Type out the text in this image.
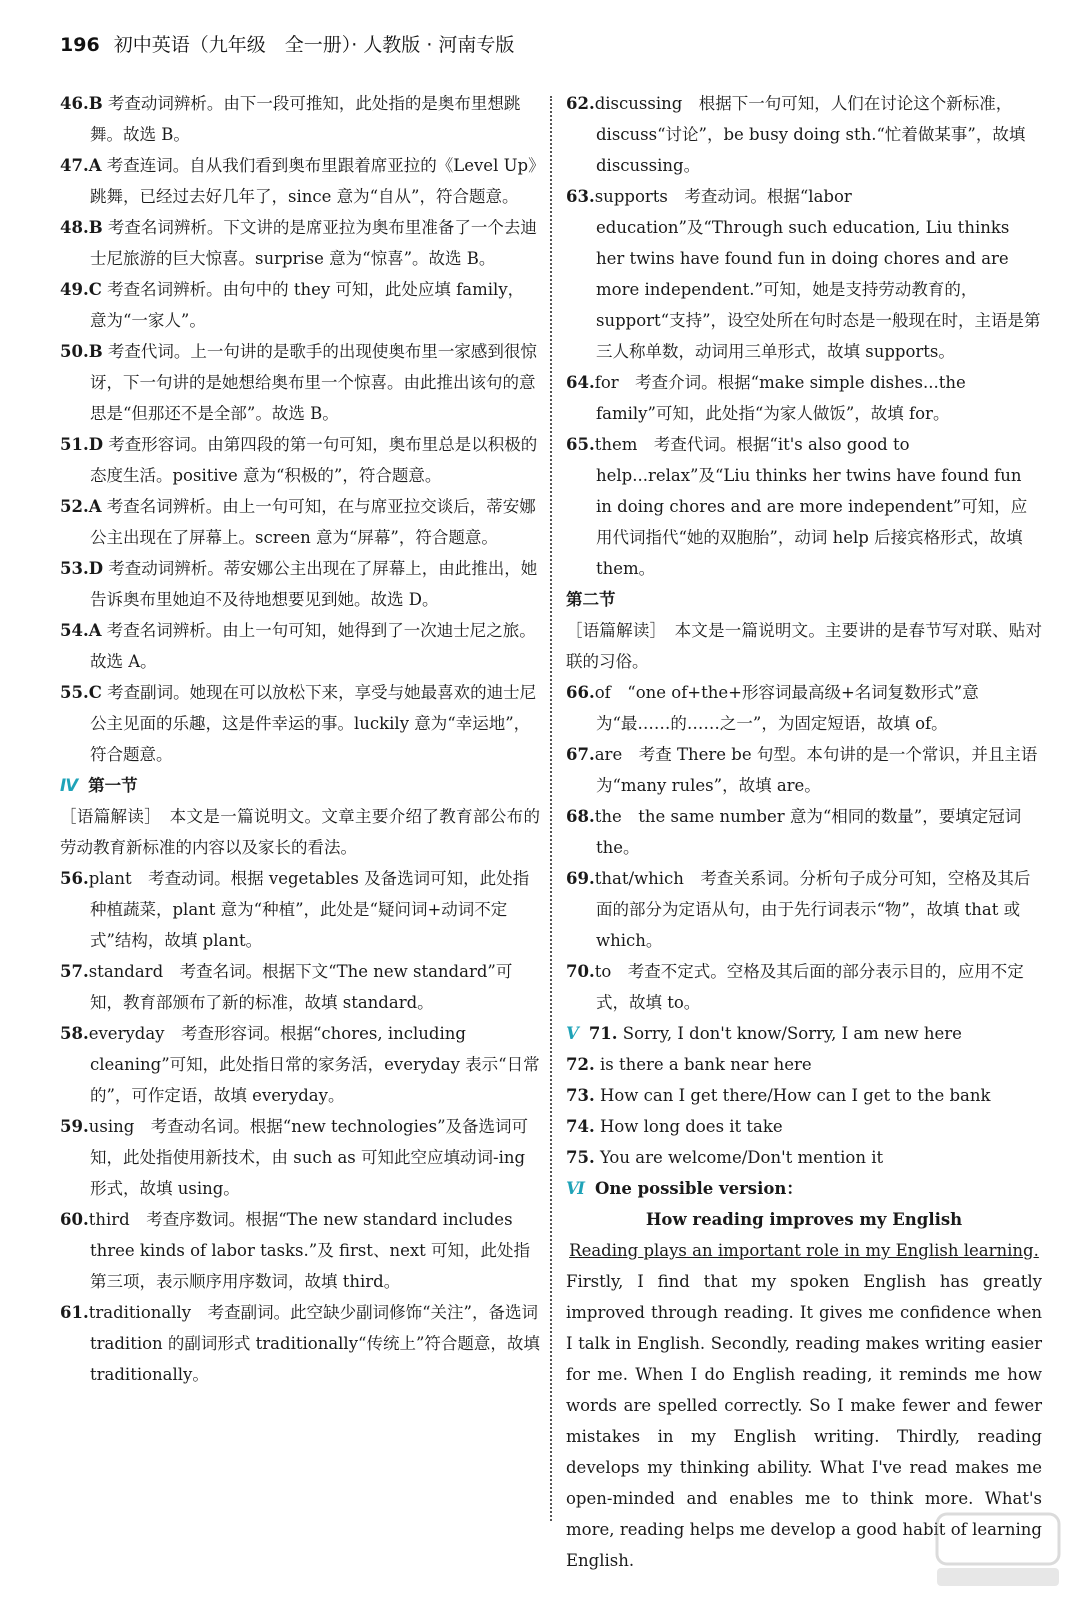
196 初中英语（九年级　全一册）· 人教版 · 河南专版

46.B 考查动词辨析。由下一段可推知，此处指的是奥布里想跳舞。故选 B。

47.A 考查连词。自从我们看到奥布里跟着席亚拉的《Level Up》跳舞，已经过去好几年了，since 意为“自从”，符合题意。

48.B 考查名词辨析。下文讲的是席亚拉为奥布里准备了一个去迪士尼旅游的巨大惊喜。surprise 意为“惊喜”。故选 B。

49.C 考查名词辨析。由句中的 they 可知，此处应填 family，意为“一家人”。

50.B 考查代词。上一句讲的是歌手的出现使奥布里一家感到很惊讶，下一句讲的是她想给奥布里一个惊喜。由此推出该句的意思是“但那还不是全部”。故选 B。

51.D 考查形容词。由第四段的第一句可知，奥布里总是以积极的态度生活。positive 意为“积极的”，符合题意。

52.A 考查名词辨析。由上一句可知，在与席亚拉交谈后，蒂安娜公主出现在了屏幕上。screen 意为“屏幕”，符合题意。

53.D 考查动词辨析。蒂安娜公主出现在了屏幕上，由此推出，她告诉奥布里她迫不及待地想要见到她。故选 D。

54.A 考查名词辨析。由上一句可知，她得到了一次迪士尼之旅。故选 A。

55.C 考查副词。她现在可以放松下来，享受与她最喜欢的迪士尼公主见面的乐趣，这是件幸运的事。luckily 意为“幸运地”，符合题意。

Ⅳ 第一节

［语篇解读］　本文是一篇说明文。文章主要介绍了教育部公布的劳动教育新标准的内容以及家长的看法。

56.plant　 考查动词。根据 vegetables 及备选词可知，此处指种植蔬菜，plant 意为“种植”，此处是“疑问词+动词不定式”结构，故填 plant。

57.standard　 考查名词。根据下文“The new standard”可知，教育部颁布了新的标准，故填 standard。

58.everyday　 考查形容词。根据“chores, including cleaning”可知，此处指日常的家务活，everyday 表示“日常的”，可作定语，故填 everyday。

59.using　 考查动名词。根据“new technologies”及备选词可知，此处指使用新技术，由 such as 可知此空应填动词-ing 形式，故填 using。

60.third　 考查序数词。根据“The new standard includes three kinds of labor tasks.”及 first、next 可知，此处指第三项，表示顺序用序数词，故填 third。

61.traditionally　 考查副词。此空缺少副词修饰“关注”，备选词 tradition 的副词形式 traditionally“传统上”符合题意，故填 traditionally。

62.discussing　 根据下一句可知，人们在讨论这个新标准，discuss“讨论”，be busy doing sth.“忙着做某事”，故填 discussing。

63.supports　 考查动词。根据“labor education”及“Through such education, Liu thinks her twins have found fun in doing chores and are more independent.”可知，她是支持劳动教育的，support“支持”，设空处所在句时态是一般现在时，主语是第三人称单数，动词用三单形式，故填 supports。

64.for　 考查介词。根据“make simple dishes...the family”可知，此处指“为家人做饭”，故填 for。

65.them　 考查代词。根据“it's also good to help...relax”及“Liu thinks her twins have found fun in doing chores and are more independent”可知，应用代词指代“她的双胞胎”，动词 help 后接宾格形式，故填 them。

第二节

［语篇解读］　本文是一篇说明文。主要讲的是春节写对联、贴对联的习俗。

66.of　 “one of+the+形容词最高级+名词复数形式”意为“最……的……之一”，为固定短语，故填 of。

67.are　 考查 There be 句型。本句讲的是一个常识，并且主语为“many rules”，故填 are。

68.the　 the same number 意为“相同的数量”，要填定冠词 the。

69.that/which　 考查关系词。分析句子成分可知，空格及其后面的部分为定语从句，由于先行词表示“物”，故填 that 或 which。

70.to　 考查不定式。空格及其后面的部分表示目的，应用不定式，故填 to。

Ⅴ 71. Sorry, I don't know/Sorry, I am new here

72. is there a bank near here

73. How can I get there/How can I get to the bank

74. How long does it take

75. You are welcome/Don't mention it

Ⅵ One possible version：

How reading improves my English

Reading plays an important role in my English learning.

Firstly, I find that my spoken English has greatly improved through reading. It gives me confidence when I talk in English. Secondly, reading makes writing easier for me. When I do English reading, it reminds me how words are spelled correctly. So I make fewer and fewer mistakes in my English writing. Thirdly, reading develops my thinking ability. What I've read makes me open-minded and enables me to think more. What's more, reading helps me develop a good habit of learning English.
